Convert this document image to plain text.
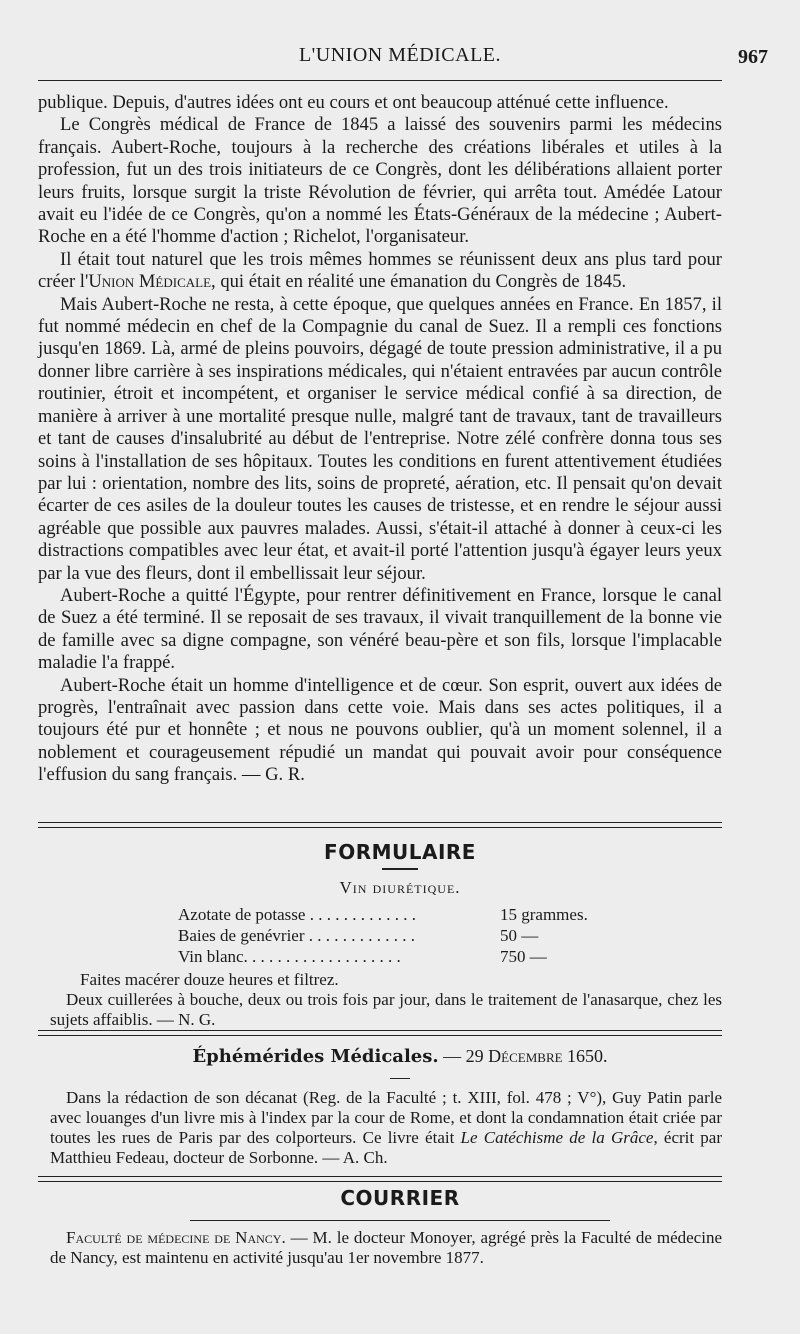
L'UNION MÉDICALE.	967

publique. Depuis, d'autres idées ont eu cours et ont beaucoup atténué cette influence.

Le Congrès médical de France de 1845 a laissé des souvenirs parmi les médecins français. Aubert-Roche, toujours à la recherche des créations libérales et utiles à la profession, fut un des trois initiateurs de ce Congrès, dont les délibérations allaient porter leurs fruits, lorsque surgit la triste Révolution de février, qui arrêta tout. Amédée Latour avait eu l'idée de ce Congrès, qu'on a nommé les États-Généraux de la médecine ; Aubert-Roche en a été l'homme d'action ; Richelot, l'organisateur.

Il était tout naturel que les trois mêmes hommes se réunissent deux ans plus tard pour créer l'Union Médicale, qui était en réalité une émanation du Congrès de 1845.

Mais Aubert-Roche ne resta, à cette époque, que quelques années en France. En 1857, il fut nommé médecin en chef de la Compagnie du canal de Suez. Il a rempli ces fonctions jusqu'en 1869. Là, armé de pleins pouvoirs, dégagé de toute pression administrative, il a pu donner libre carrière à ses inspirations médicales, qui n'étaient entravées par aucun contrôle routinier, étroit et incompétent, et organiser le service médical confié à sa direction, de manière à arriver à une mortalité presque nulle, malgré tant de travaux, tant de travailleurs et tant de causes d'insalubrité au début de l'entreprise. Notre zélé confrère donna tous ses soins à l'installation de ses hôpitaux. Toutes les conditions en furent attentivement étudiées par lui : orientation, nombre des lits, soins de propreté, aération, etc. Il pensait qu'on devait écarter de ces asiles de la douleur toutes les causes de tristesse, et en rendre le séjour aussi agréable que possible aux pauvres malades. Aussi, s'était-il attaché à donner à ceux-ci les distractions compatibles avec leur état, et avait-il porté l'attention jusqu'à égayer leurs yeux par la vue des fleurs, dont il embellissait leur séjour.

Aubert-Roche a quitté l'Égypte, pour rentrer définitivement en France, lorsque le canal de Suez a été terminé. Il se reposait de ses travaux, il vivait tranquillement de la bonne vie de famille avec sa digne compagne, son vénéré beau-père et son fils, lorsque l'implacable maladie l'a frappé.

Aubert-Roche était un homme d'intelligence et de cœur. Son esprit, ouvert aux idées de progrès, l'entraînait avec passion dans cette voie. Mais dans ses actes politiques, il a toujours été pur et honnête ; et nous ne pouvons oublier, qu'à un moment solennel, il a noblement et courageusement répudié un mandat qui pouvait avoir pour conséquence l'effusion du sang français. — G. R.

FORMULAIRE
Vin diurétique.
Azotate de potasse . . . . . . . . . . . . .	15 grammes.
Baies de genévrier . . . . . . . . . . . . .	50 —
Vin blanc. . . . . . . . . . . . . . . . . . .	750 —

Faites macérer douze heures et filtrez.

Deux cuillerées à bouche, deux ou trois fois par jour, dans le traitement de l'anasarque, chez les sujets affaiblis. — N. G.

Éphémérides Médicales. — 29 Décembre 1650.

Dans la rédaction de son décanat (Reg. de la Faculté ; t. XIII, fol. 478 ; V°), Guy Patin parle avec louanges d'un livre mis à l'index par la cour de Rome, et dont la condamnation était criée par toutes les rues de Paris par des colporteurs. Ce livre était Le Catéchisme de la Grâce, écrit par Matthieu Fedeau, docteur de Sorbonne. — A. Ch.

COURRIER

Faculté de médecine de Nancy. — M. le docteur Monoyer, agrégé près la Faculté de médecine de Nancy, est maintenu en activité jusqu'au 1er novembre 1877.
